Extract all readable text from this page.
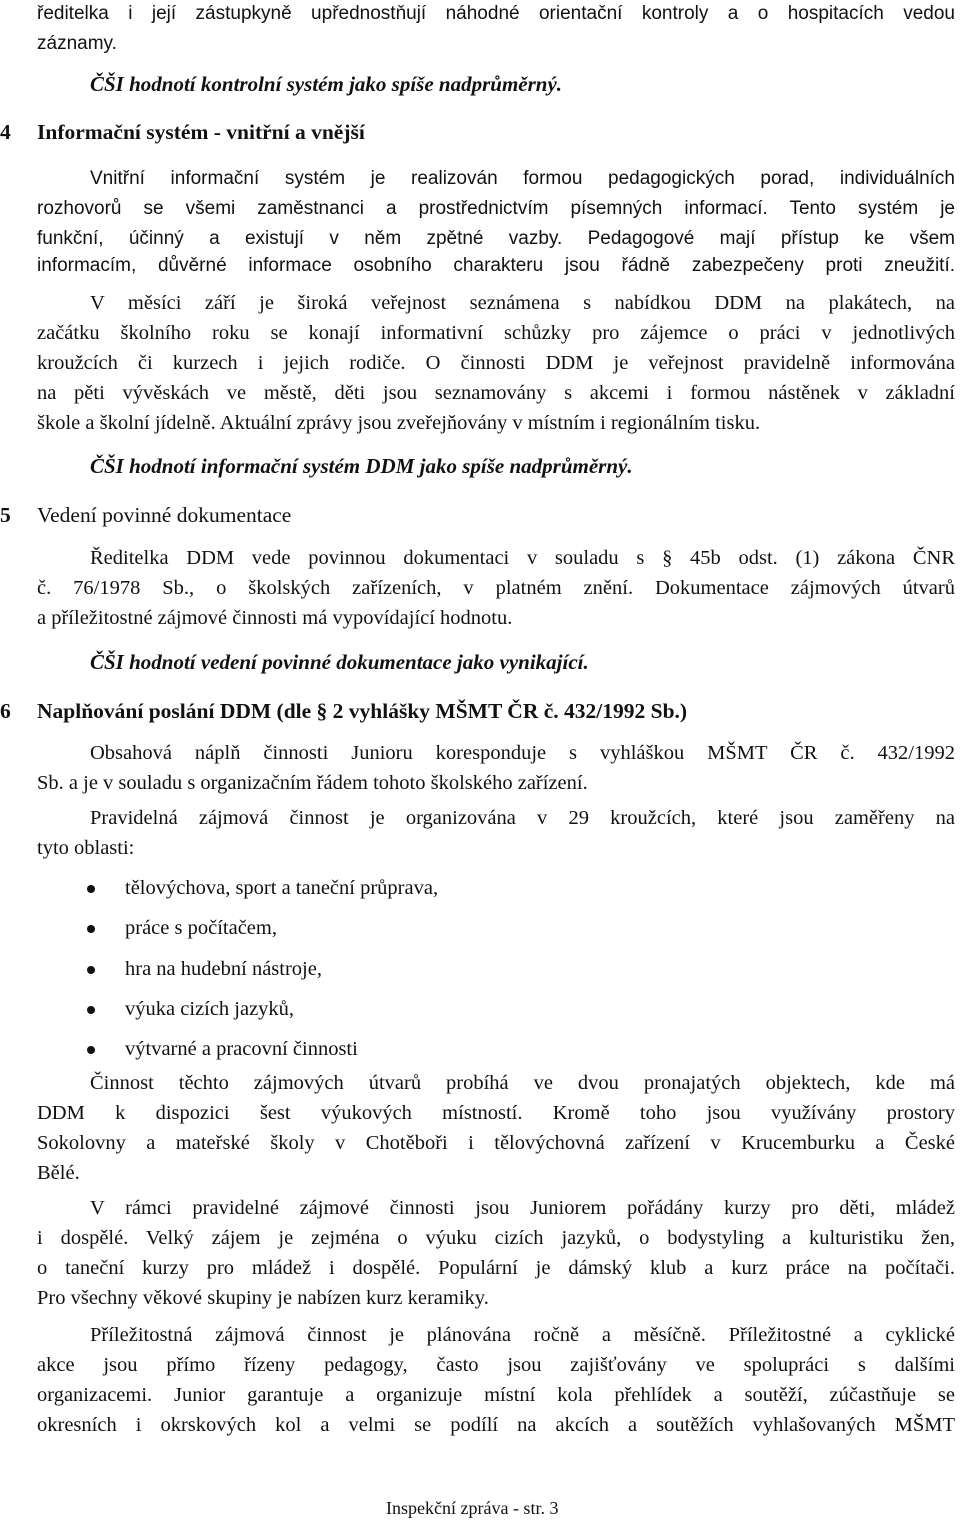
ředitelka i její zástupkyně upřednostňují náhodné orientační kontroly a o hospitacích vedou
záznamy.
ČŠI hodnotí kontrolní systém jako spíše nadprůměrný.
4 Informační systém - vnitřní a vnější
Vnitřní informační systém je realizován formou pedagogických porad, individuálních
rozhovorů se všemi zaměstnanci a prostřednictvím písemných informací. Tento systém je
funkční, účinný a existují v něm zpětné vazby. Pedagogové mají přístup ke všem
informacím, důvěrné informace osobního charakteru jsou řádně zabezpečeny proti zneužití.
V měsíci září je široká veřejnost seznámena s nabídkou DDM na plakátech, na
začátku školního roku se konají informativní schůzky pro zájemce o práci v jednotlivých
kroužcích či kurzech i jejich rodiče. O činnosti DDM je veřejnost pravidelně informována
na pěti vývěskách ve městě, děti jsou seznamovány s akcemi i formou nástěnek v základní
škole a školní jídelně. Aktuální zprávy jsou zveřejňovány v místním i regionálním tisku.
ČŠI hodnotí informační systém DDM jako spíše nadprůměrný.
5 Vedení povinné dokumentace
Ředitelka DDM vede povinnou dokumentaci v souladu s § 45b odst. (1) zákona ČNR
č. 76/1978 Sb., o školských zařízeních, v platném znění. Dokumentace zájmových útvarů
a příležitostné zájmové činnosti má vypovídající hodnotu.
ČŠI hodnotí vedení povinné dokumentace jako vynikající.
6 Naplňování poslání DDM (dle § 2 vyhlášky MŠMT ČR č. 432/1992 Sb.)
Obsahová náplň činnosti Junioru koresponduje s vyhláškou MŠMT ČR č. 432/1992
Sb. a je v souladu s organizačním řádem tohoto školského zařízení.
Pravidelná zájmová činnost je organizována v 29 kroužcích, které jsou zaměřeny na
tyto oblasti:
tělovýchova, sport a taneční průprava,
práce s počítačem,
hra na hudební nástroje,
výuka cizích jazyků,
výtvarné a pracovní činnosti
Činnost těchto zájmových útvarů probíhá ve dvou pronajatých objektech, kde má
DDM k dispozici šest výukových místností. Kromě toho jsou využívány prostory
Sokolovny a mateřské školy v Chotěboři i tělovýchovná zařízení v Krucemburku a České
Bělé.
V rámci pravidelné zájmové činnosti jsou Juniorem pořádány kurzy pro děti, mládež
i dospělé. Velký zájem je zejména o výuku cizích jazyků, o bodystyling a kulturistiku žen,
o taneční kurzy pro mládež i dospělé. Populární je dámský klub a kurz práce na počítači.
Pro všechny věkové skupiny je nabízen kurz keramiky.
Příležitostná zájmová činnost je plánována ročně a měsíčně. Příležitostné a cyklické
akce jsou přímo řízeny pedagogy, často jsou zajišťovány ve spolupráci s dalšími
organizacemi. Junior garantuje a organizuje místní kola přehlídek a soutěží, zúčastňuje se
okresních i okrskových kol a velmi se podílí na akcích a soutěžích vyhlašovaných MŠMT
Inspekční zpráva - str. 3
